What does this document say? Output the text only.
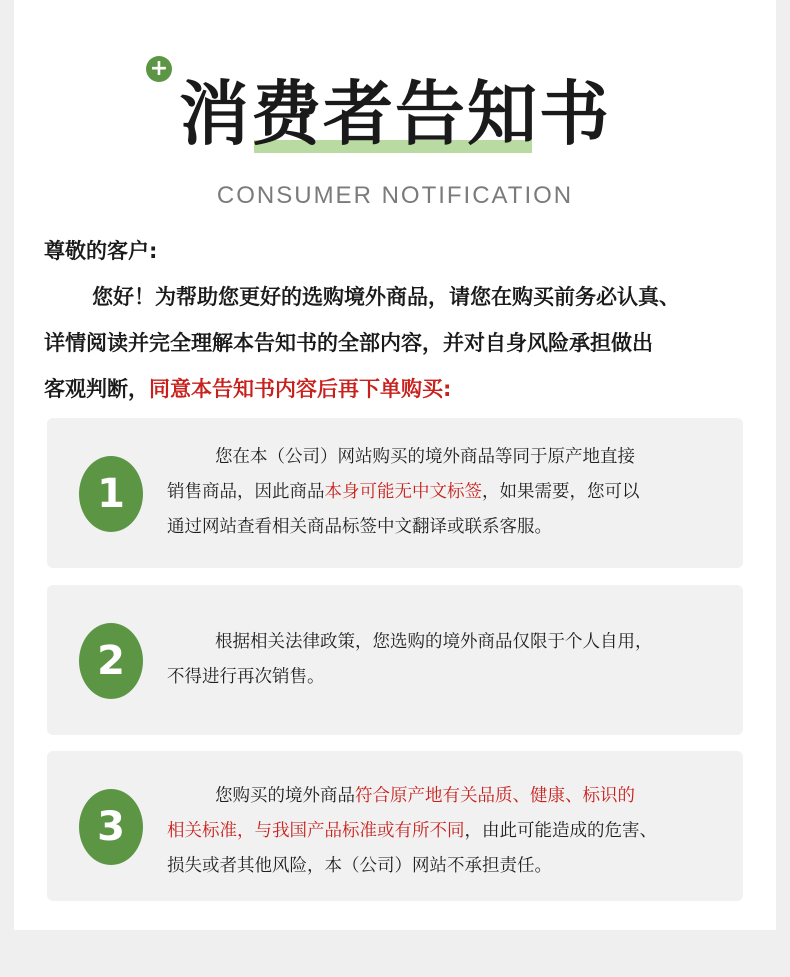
+
消费者告知书
CONSUMER NOTIFICATION
尊敬的客户:
您好！为帮助您更好的选购境外商品，请您在购买前务必认真、
详情阅读并完全理解本告知书的全部内容，并对自身风险承担做出
客观判断，同意本告知书内容后再下单购买:
1
您在本（公司）网站购买的境外商品等同于原产地直接
销售商品，因此商品本身可能无中文标签，如果需要，您可以
通过网站查看相关商品标签中文翻译或联系客服。
2	根据相关法律政策，您选购的境外商品仅限于个人自用，
不得进行再次销售。
3
您购买的境外商品符合原产地有关品质、健康、标识的
相关标准，与我国产品标准或有所不同，由此可能造成的危害、
损失或者其他风险，本（公司）网站不承担责任。
